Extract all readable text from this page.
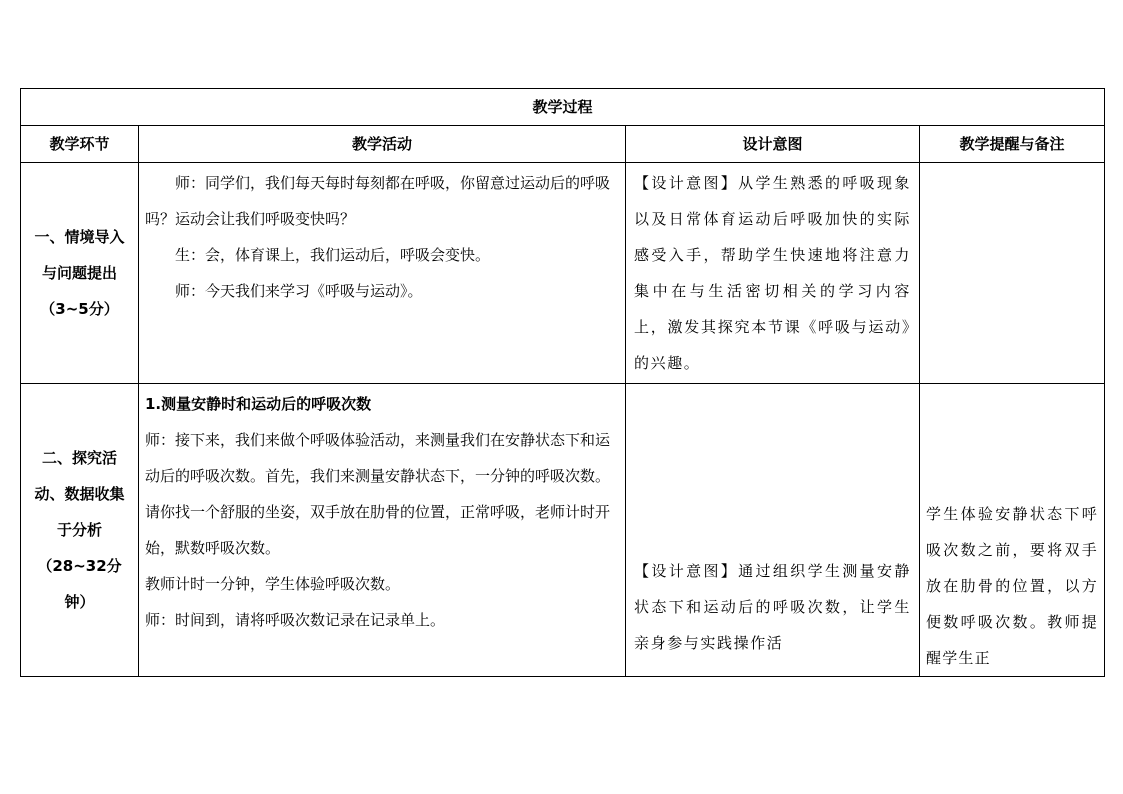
教学过程			
教学环节	教学活动	设计意图	教学提醒与备注
一、情境导入与问题提出（3~5分）	师：同学们，我们每天每时每刻都在呼吸，你留意过运动后的呼吸吗？运动会让我们呼吸变快吗？

生：会，体育课上，我们运动后，呼吸会变快。

师：今天我们来学习《呼吸与运动》。	【设计意图】从学生熟悉的呼吸现象以及日常体育运动后呼吸加快的实际感受入手，帮助学生快速地将注意力集中在与生活密切相关的学习内容上，激发其探究本节课《呼吸与运动》的兴趣。	

二、探究活动、数据收集于分析（28~32分钟）	1.测量安静时和运动后的呼吸次数

师：接下来，我们来做个呼吸体验活动，来测量我们在安静状态下和运动后的呼吸次数。首先，我们来测量安静状态下，一分钟的呼吸次数。请你找一个舒服的坐姿，双手放在肋骨的位置，正常呼吸，老师计时开始，默数呼吸次数。

教师计时一分钟，学生体验呼吸次数。

师：时间到，请将呼吸次数记录在记录单上。	【设计意图】通过组织学生测量安静状态下和运动后的呼吸次数，让学生亲身参与实践操作活	学生体验安静状态下呼吸次数之前，要将双手放在肋骨的位置，以方便数呼吸次数。教师提醒学生正
